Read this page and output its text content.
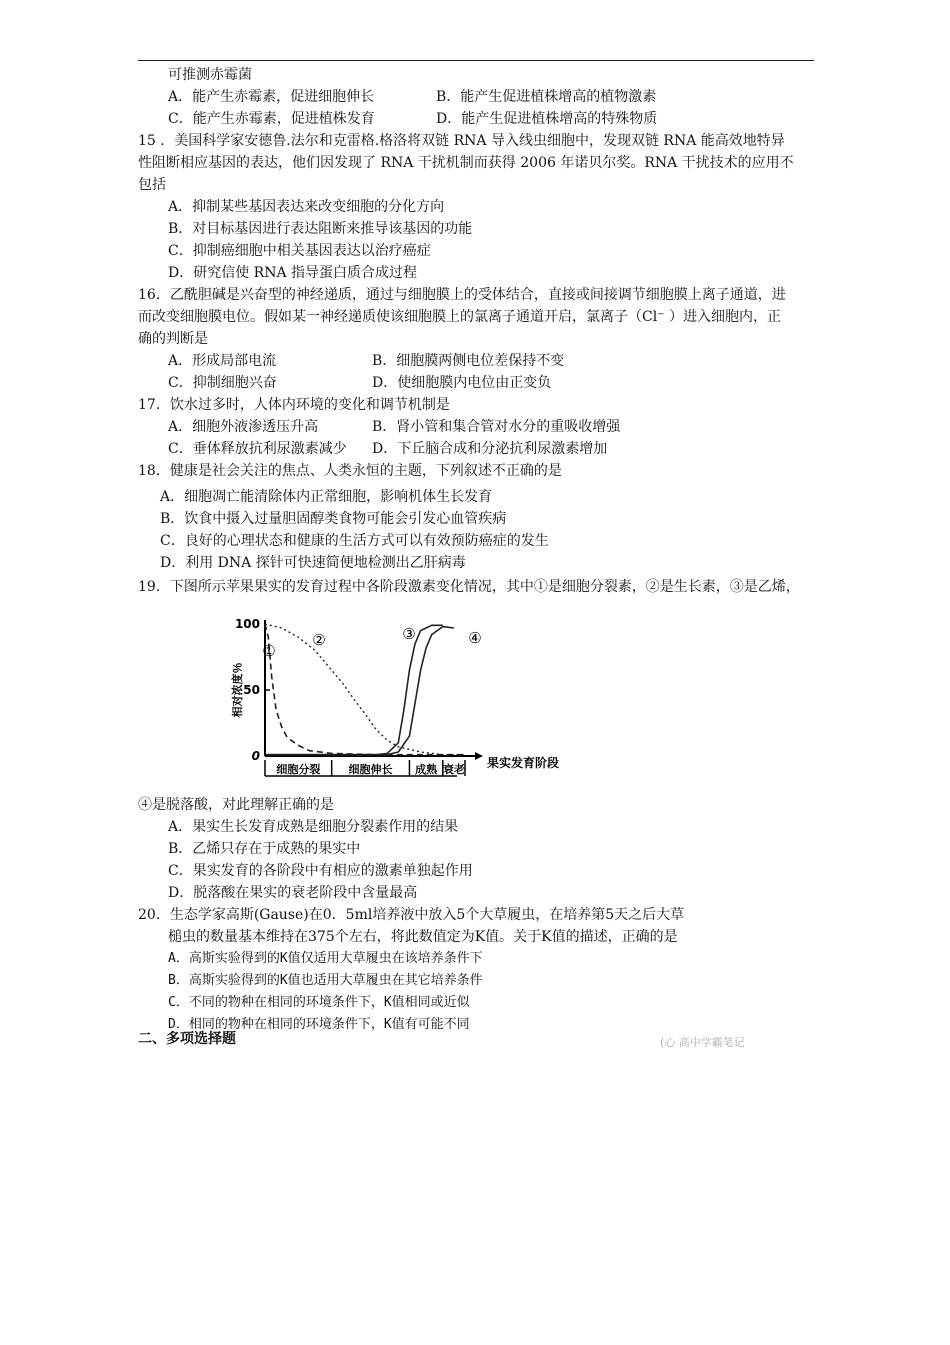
可推测赤霉菌
A．能产生赤霉素，促进细胞伸长	B．能产生促进植株增高的植物激素
C．能产生赤霉素，促进植株发育	D．能产生促进植株增高的特殊物质
15 ．美国科学家安德鲁.法尔和克雷格.格洛将双链 RNA 导入线虫细胞中，发现双链 RNA 能高效地特异
性阻断相应基因的表达，他们因发现了 RNA 干扰机制而获得 2006 年诺贝尔奖。RNA 干扰技术的应用不
包括
A．抑制某些基因表达来改变细胞的分化方向
B．对目标基因进行表达阻断来推导该基因的功能
C．抑制癌细胞中相关基因表达以治疗癌症
D．研究信使 RNA 指导蛋白质合成过程
16．乙酰胆碱是兴奋型的神经递质，通过与细胞膜上的受体结合，直接或间接调节细胞膜上离子通道，进
而改变细胞膜电位。假如某一神经递质使该细胞膜上的氯离子通道开启，氯离子（Cl⁻ ）进入细胞内，正
确的判断是
A．形成局部电流	B．细胞膜两侧电位差保持不变
C．抑制细胞兴奋	D．使细胞膜内电位由正变负
17．饮水过多时，人体内环境的变化和调节机制是
A．细胞外液渗透压升高	B．肾小管和集合管对水分的重吸收增强
C．垂体释放抗利尿激素减少 D．下丘脑合成和分泌抗利尿激素增加
18．健康是社会关注的焦点、人类永恒的主题，下列叙述不正确的是
A．细胞凋亡能清除体内正常细胞，影响机体生长发育
B．饮食中摄入过量胆固醇类食物可能会引发心血管疾病
C．良好的心理状态和健康的生活方式可以有效预防癌症的发生
D．利用 DNA 探针可快速简便地检测出乙肝病毒
19．下图所示苹果果实的发育过程中各阶段激素变化情况，其中①是细胞分裂素，②是生长素，③是乙烯，
100
50
0
相对浓度％
果实发育阶段
细胞分裂	细胞伸长 成熟 衰老
①
②	③	④
④是脱落酸，对此理解正确的是
A．果实生长发育成熟是细胞分裂素作用的结果
B．乙烯只存在于成熟的果实中
C．果实发育的各阶段中有相应的激素单独起作用
D．脱落酸在果实的衰老阶段中含量最高
20．生态学家高斯(Gause)在0．5ml培养液中放入5个大草履虫，在培养第5天之后大草
槌虫的数量基本维持在375个左右，将此数值定为K值。关于K值的描述，正确的是
A．高斯实验得到的K值仅适用大草履虫在该培养条件下
B．高斯实验得到的K值也适用大草履虫在其它培养条件
C．不同的物种在相同的环境条件下，K值相同或近似
D．相同的物种在相同的环境条件下，K值有可能不同
二、多项选择题	(心 高中学霸笔记
